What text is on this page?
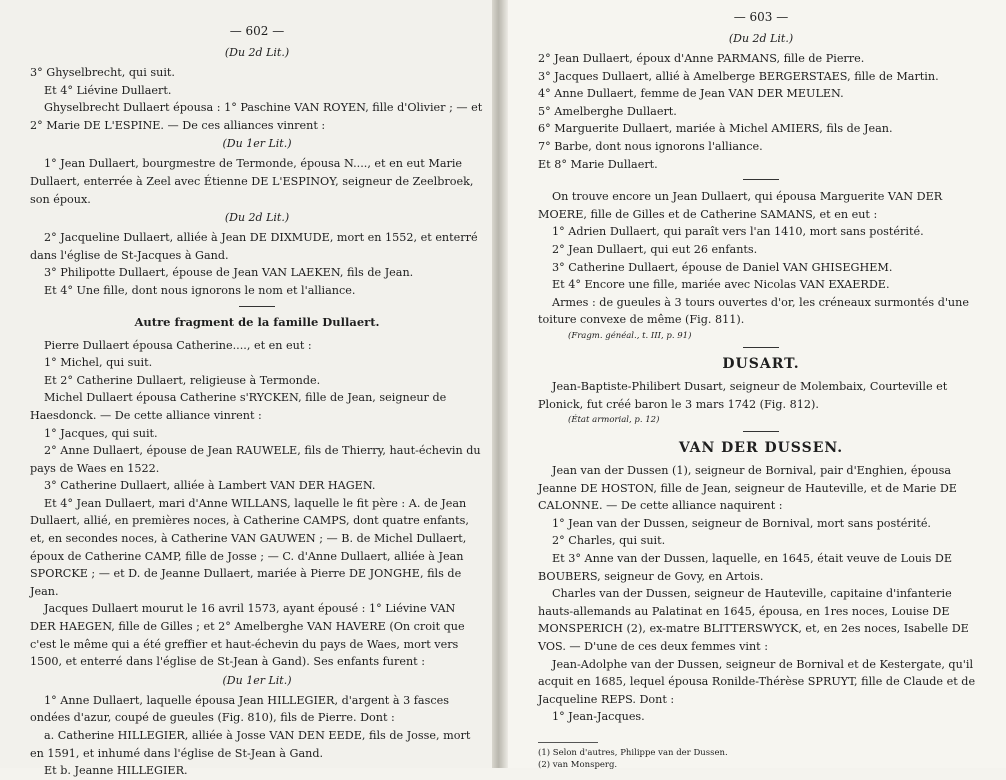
— 602 —
(Du 2d Lit.)

3° Ghyselbrecht, qui suit.

Et 4° Liévine Dullaert.

Ghyselbrecht Dullaert épousa : 1° Paschine VAN ROYEN, fille d'Olivier ; — et 2° Marie DE L'ESPINE. — De ces alliances vinrent :

(Du 1er Lit.)

1° Jean Dullaert, bourgmestre de Termonde, épousa N...., et en eut Marie Dullaert, enterrée à Zeel avec Étienne DE L'ESPINOY, seigneur de Zeelbroek, son époux.

(Du 2d Lit.)

2° Jacqueline Dullaert, alliée à Jean DE DIXMUDE, mort en 1552, et enterré dans l'église de St-Jacques à Gand.

3° Philipotte Dullaert, épouse de Jean VAN LAEKEN, fils de Jean.

Et 4° Une fille, dont nous ignorons le nom et l'alliance.

Autre fragment de la famille Dullaert.

Pierre Dullaert épousa Catherine...., et en eut :

1° Michel, qui suit.

Et 2° Catherine Dullaert, religieuse à Termonde.

Michel Dullaert épousa Catherine s'RYCKEN, fille de Jean, seigneur de Haesdonck. — De cette alliance vinrent :

1° Jacques, qui suit.

2° Anne Dullaert, épouse de Jean RAUWELE, fils de Thierry, haut-échevin du pays de Waes en 1522.

3° Catherine Dullaert, alliée à Lambert VAN DER HAGEN.

Et 4° Jean Dullaert, mari d'Anne WILLANS, laquelle le fit père : A. de Jean Dullaert, allié, en premières noces, à Catherine CAMPS, dont quatre enfants, et, en secondes noces, à Catherine VAN GAUWEN ; — B. de Michel Dullaert, époux de Catherine CAMP, fille de Josse ; — C. d'Anne Dullaert, alliée à Jean SPORCKE ; — et D. de Jeanne Dullaert, mariée à Pierre DE JONGHE, fils de Jean.

Jacques Dullaert mourut le 16 avril 1573, ayant épousé : 1° Liévine VAN DER HAEGEN, fille de Gilles ; et 2° Amelberghe VAN HAVERE (On croit que c'est le même qui a été greffier et haut-échevin du pays de Waes, mort vers 1500, et enterré dans l'église de St-Jean à Gand). Ses enfants furent :

(Du 1er Lit.)

1° Anne Dullaert, laquelle épousa Jean HILLEGIER, d'argent à 3 fasces ondées d'azur, coupé de gueules (Fig. 810), fils de Pierre. Dont :

a. Catherine HILLEGIER, alliée à Josse VAN DEN EEDE, fils de Josse, mort en 1591, et inhumé dans l'église de St-Jean à Gand.

Et b. Jeanne HILLEGIER.

— 603 —
(Du 2d Lit.)

2° Jean Dullaert, époux d'Anne PARMANS, fille de Pierre.

3° Jacques Dullaert, allié à Amelberge BERGERSTAES, fille de Martin.

4° Anne Dullaert, femme de Jean VAN DER MEULEN.

5° Amelberghe Dullaert.

6° Marguerite Dullaert, mariée à Michel AMIERS, fils de Jean.

7° Barbe, dont nous ignorons l'alliance.

Et 8° Marie Dullaert.

On trouve encore un Jean Dullaert, qui épousa Marguerite VAN DER MOERE, fille de Gilles et de Catherine SAMANS, et en eut :

1° Adrien Dullaert, qui paraît vers l'an 1410, mort sans postérité.

2° Jean Dullaert, qui eut 26 enfants.

3° Catherine Dullaert, épouse de Daniel VAN GHISEGHEM.

Et 4° Encore une fille, mariée avec Nicolas VAN EXAERDE.

Armes : de gueules à 3 tours ouvertes d'or, les créneaux surmontés d'une toiture convexe de même (Fig. 811).

(Fragm. généal., t. III, p. 91)
DUSART.

Jean-Baptiste-Philibert Dusart, seigneur de Molembaix, Courteville et Plonick, fut créé baron le 3 mars 1742 (Fig. 812).

(État armorial, p. 12)
VAN DER DUSSEN.

Jean van der Dussen (1), seigneur de Bornival, pair d'Enghien, épousa Jeanne DE HOSTON, fille de Jean, seigneur de Hauteville, et de Marie DE CALONNE. — De cette alliance naquirent :

1° Jean van der Dussen, seigneur de Bornival, mort sans postérité.

2° Charles, qui suit.

Et 3° Anne van der Dussen, laquelle, en 1645, était veuve de Louis DE BOUBERS, seigneur de Govy, en Artois.

Charles van der Dussen, seigneur de Hauteville, capitaine d'infanterie hauts-allemands au Palatinat en 1645, épousa, en 1res noces, Louise DE MONSPERICH (2), ex-matre BLITTERSWYCK, et, en 2es noces, Isabelle DE VOS. — D'une de ces deux femmes vint :

Jean-Adolphe van der Dussen, seigneur de Bornival et de Kestergate, qu'il acquit en 1685, lequel épousa Ronilde-Thérèse SPRUYT, fille de Claude et de Jacqueline REPS. Dont :

1° Jean-Jacques.

(1) Selon d'autres, Philippe van der Dussen.
(2) van Monsperg.
